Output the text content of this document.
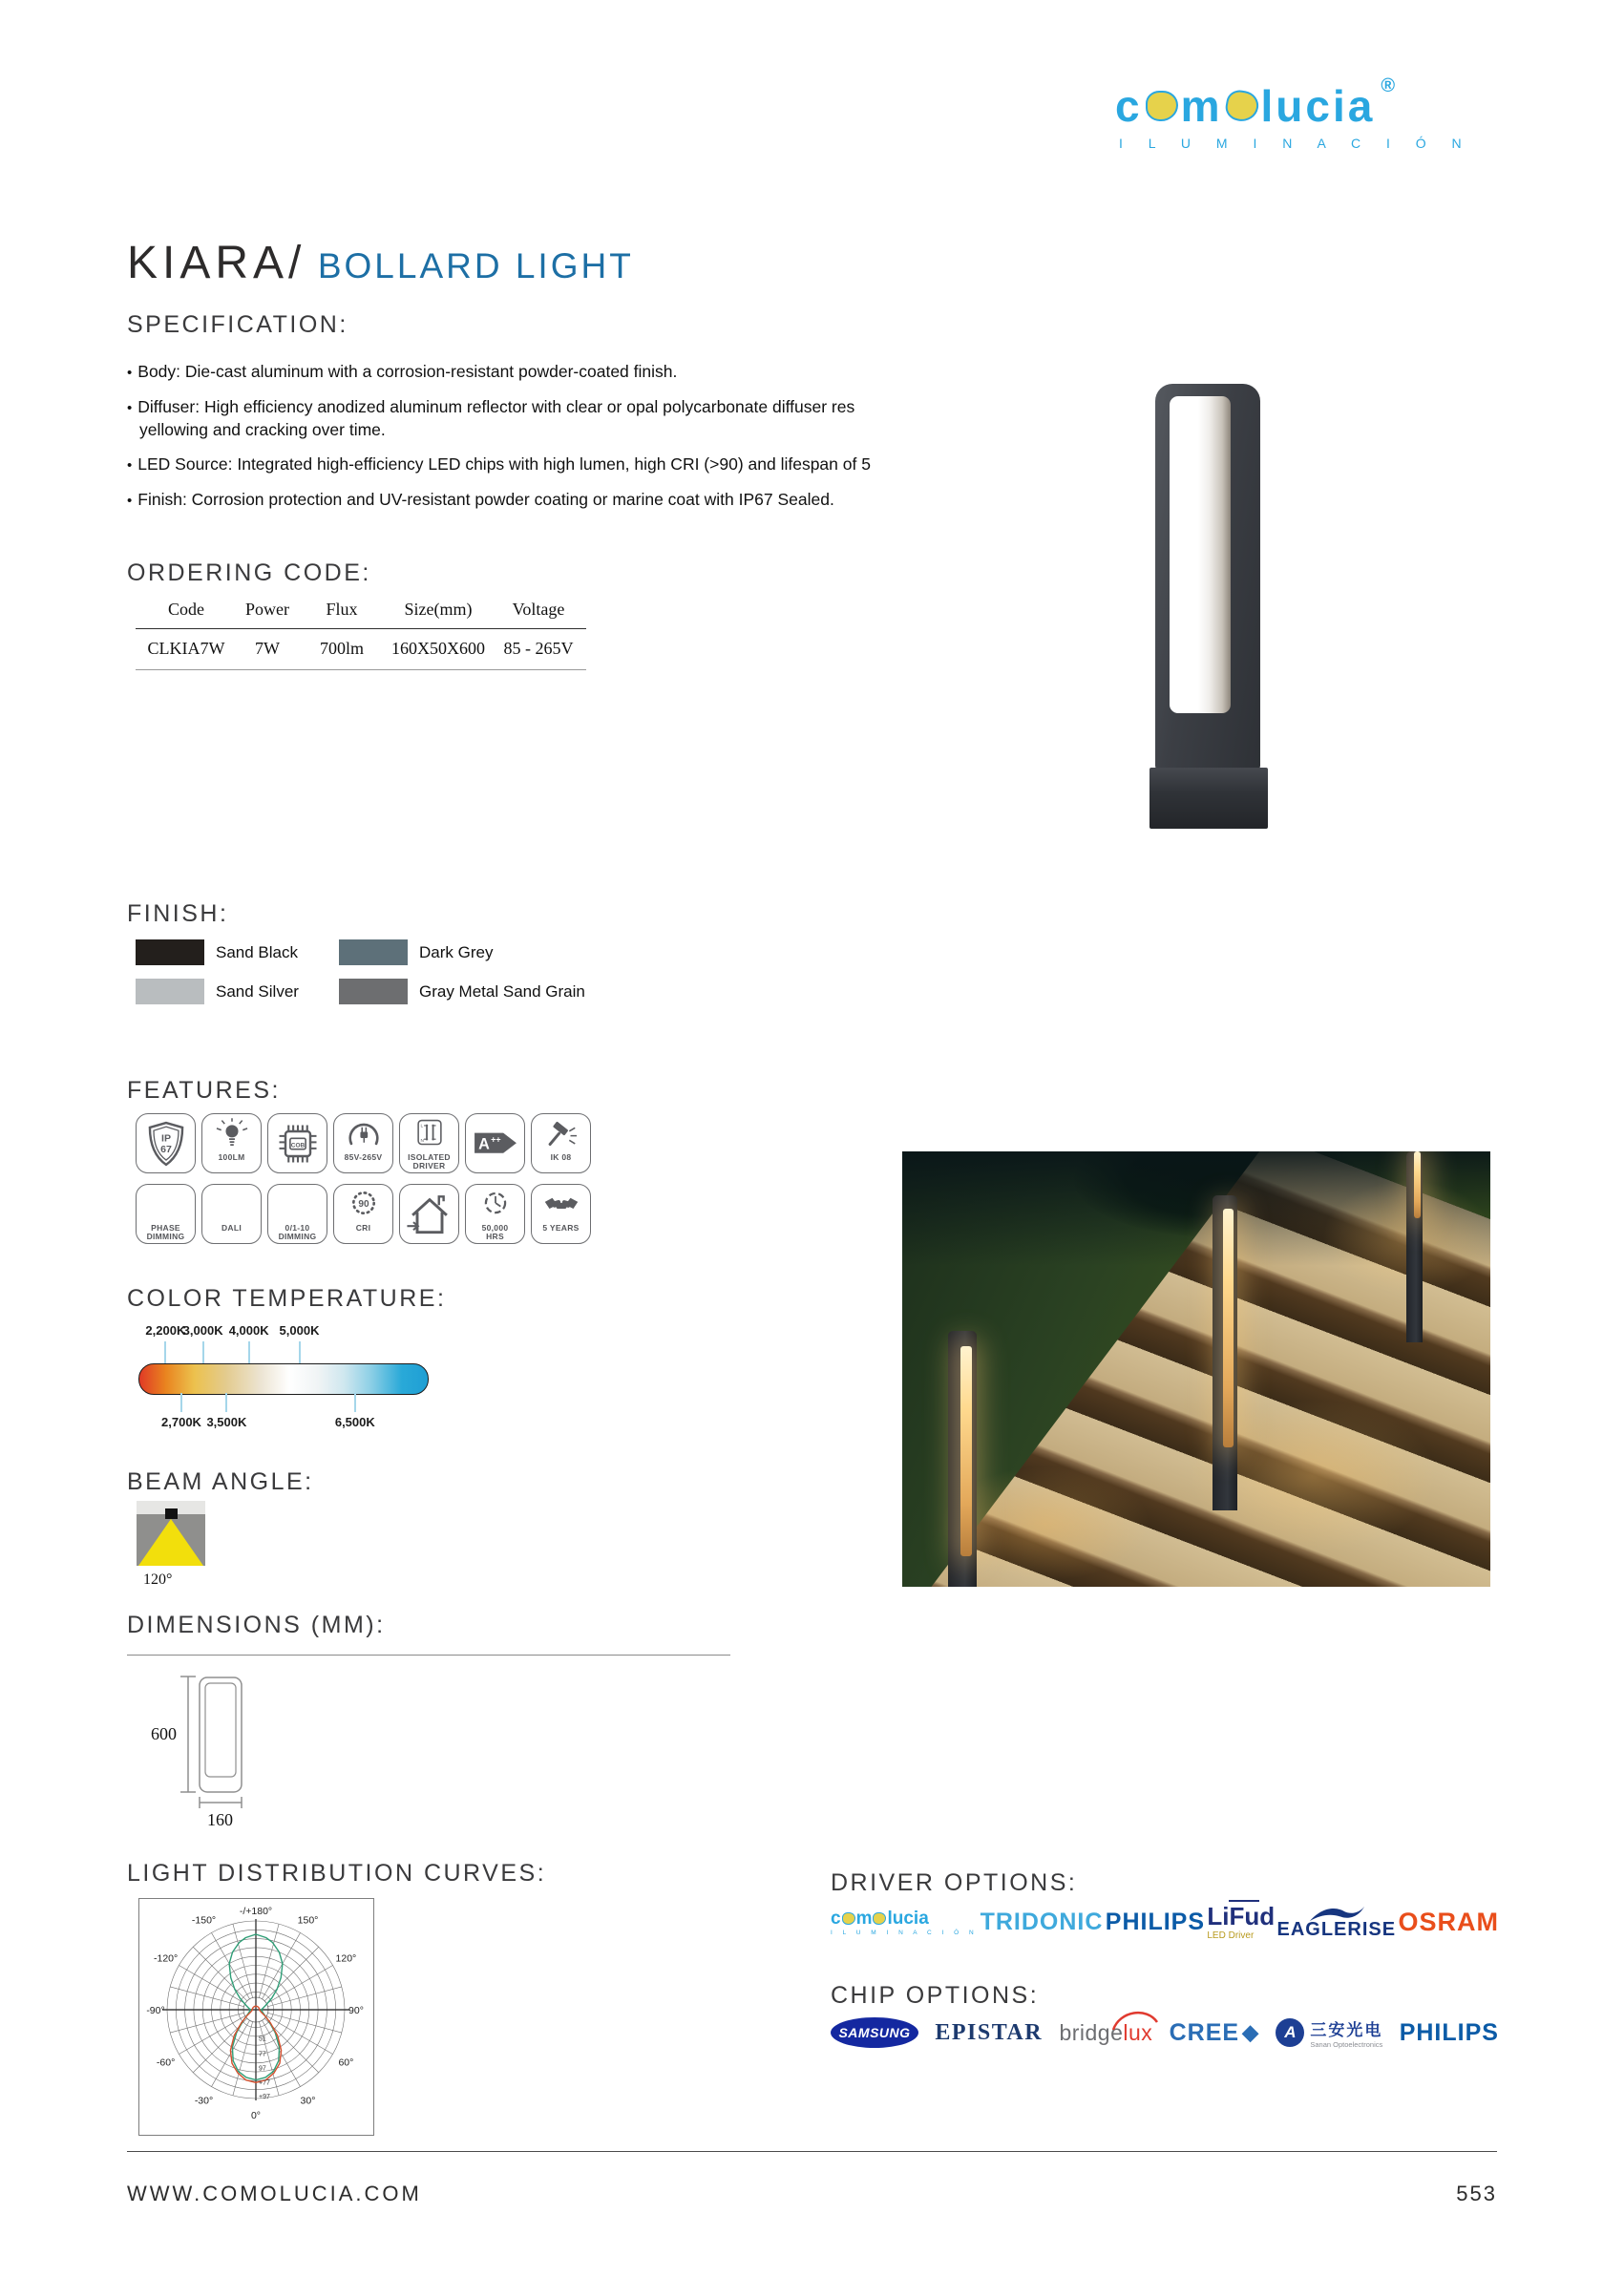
c m lucia ®
I L U M I N A C I Ó N
KIARA/ BOLLARD LIGHT
SPECIFICATION:
• Body: Die-cast aluminum with a corrosion-resistant powder-coated finish.
• Diffuser: High efficiency anodized aluminum reflector with clear or opal polycarbonate diffuser res
yellowing and cracking over time.
• LED Source: Integrated high-efficiency LED chips with high lumen, high CRI (>90) and lifespan of 5
• Finish: Corrosion protection and UV-resistant powder coating or marine coat with IP67 Sealed.
ORDERING CODE:
Code	Power	Flux	Size(mm)	Voltage
CLKIA7W	7W	700lm	160X50X600	85 - 265V
FINISH:
Sand Black	Dark Grey
Sand Silver	Gray Metal Sand Grain
FEATURES:
IP
67
100LM
COB
85V-265V
L
N
ISOLATED
DRIVER
A ++
IK 08
PHASE
DIMMING
DALI	0/1-10
DIMMING
90
CRI	50,000
HRS
5 YEARS
COLOR TEMPERATURE:
2,200K
3,000K 4,000K 5,000K
2,700K 3,500K	6,500K
BEAM ANGLE:
120°
DIMENSIONS (MM):
600
160
LIGHT DISTRIBUTION CURVES:
-/+180°
-150°	150°
-120°	120°
-90°	90°
-60°	60°
-30°	30°
0°
51
77
97
+77
+97
DRIVER OPTIONS:
c m lucia
I L U M I N A C I Ó N TRIDONIC PHILIPS LiFud
LED Driver EAGLERISE OSRAM
CHIP OPTIONS:
SAMSUNG EPISTAR bridgelux CREE ◆	A 三安光电
Sanan Optoelectronics PHILIPS
WWW.COMOLUCIA.COM	553
